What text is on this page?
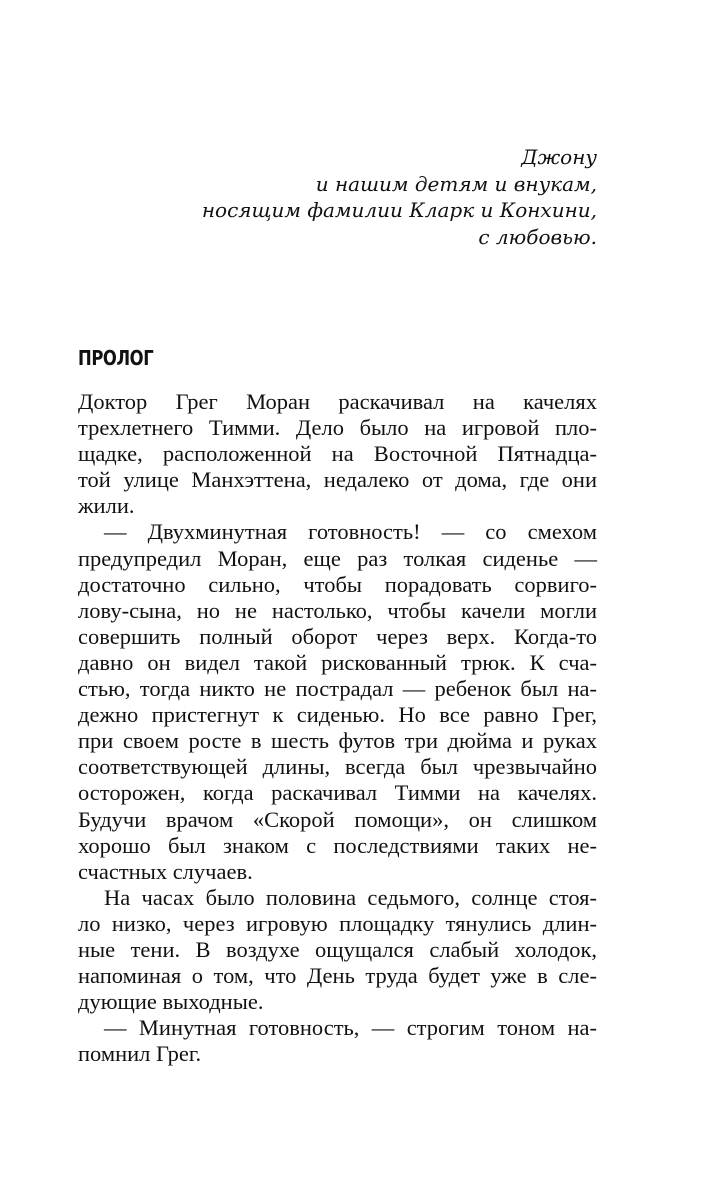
Джону
и нашим детям и внукам,
носящим фамилии Кларк и Конхини,
с любовью.
ПРОЛОГ
Доктор Грег Моран раскачивал на качелях
трехлетнего Тимми. Дело было на игровой пло-
щадке, расположенной на Восточной Пятнадца-
той улице Манхэттена, недалеко от дома, где они
жили.
— Двухминутная готовность! — со смехом
предупредил Моран, еще раз толкая сиденье —
достаточно сильно, чтобы порадовать сорвиго-
лову-сына, но не настолько, чтобы качели могли
совершить полный оборот через верх. Когда-то
давно он видел такой рискованный трюк. К сча-
стью, тогда никто не пострадал — ребенок был на-
дежно пристегнут к сиденью. Но все равно Грег,
при своем росте в шесть футов три дюйма и руках
соответствующей длины, всегда был чрезвычайно
осторожен, когда раскачивал Тимми на качелях.
Будучи врачом «Скорой помощи», он слишком
хорошо был знаком с последствиями таких не-
счастных случаев.
На часах было половина седьмого, солнце стоя-
ло низко, через игровую площадку тянулись длин-
ные тени. В воздухе ощущался слабый холодок,
напоминая о том, что День труда будет уже в сле-
дующие выходные.
— Минутная готовность, — строгим тоном на-
помнил Грег.
